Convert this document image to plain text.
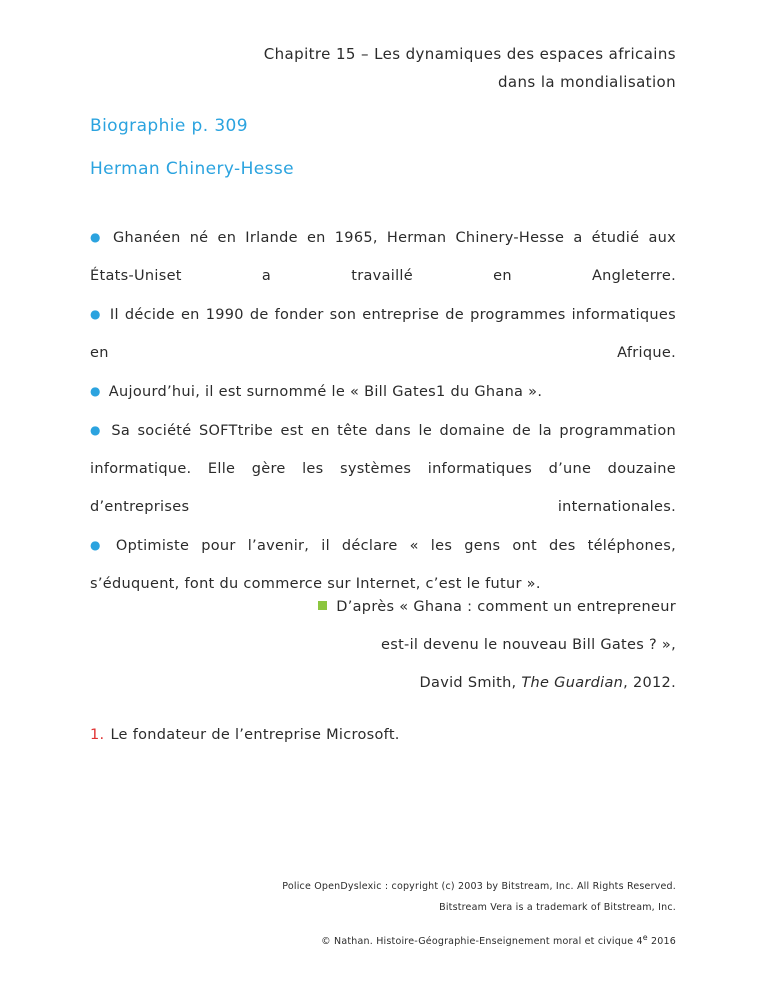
Chapitre 15 – Les dynamiques des espaces africains
dans la mondialisation
Biographie p. 309
Herman Chinery-Hesse

● Ghanéen né en Irlande en 1965, Herman Chinery-Hesse a étudié aux États-Uniset a travaillé en Angleterre.

● Il décide en 1990 de fonder son entreprise de programmes informatiques en Afrique.

● Aujourd’hui, il est surnommé le « Bill Gates1 du Ghana ».

● Sa société SOFTtribe est en tête dans le domaine de la programmation informatique. Elle gère les systèmes informatiques d’une douzaine d’entreprises internationales.

● Optimiste pour l’avenir, il déclare « les gens ont des téléphones, s’éduquent, font du commerce sur Internet, c’est le futur ».

D’après « Ghana : comment un entrepreneur
est-il devenu le nouveau Bill Gates ? »,
David Smith, The Guardian, 2012.
1. Le fondateur de l’entreprise Microsoft.
Police OpenDyslexic : copyright (c) 2003 by Bitstream, Inc. All Rights Reserved.
Bitstream Vera is a trademark of Bitstream, Inc.
© Nathan. Histoire-Géographie-Enseignement moral et civique 4e 2016
